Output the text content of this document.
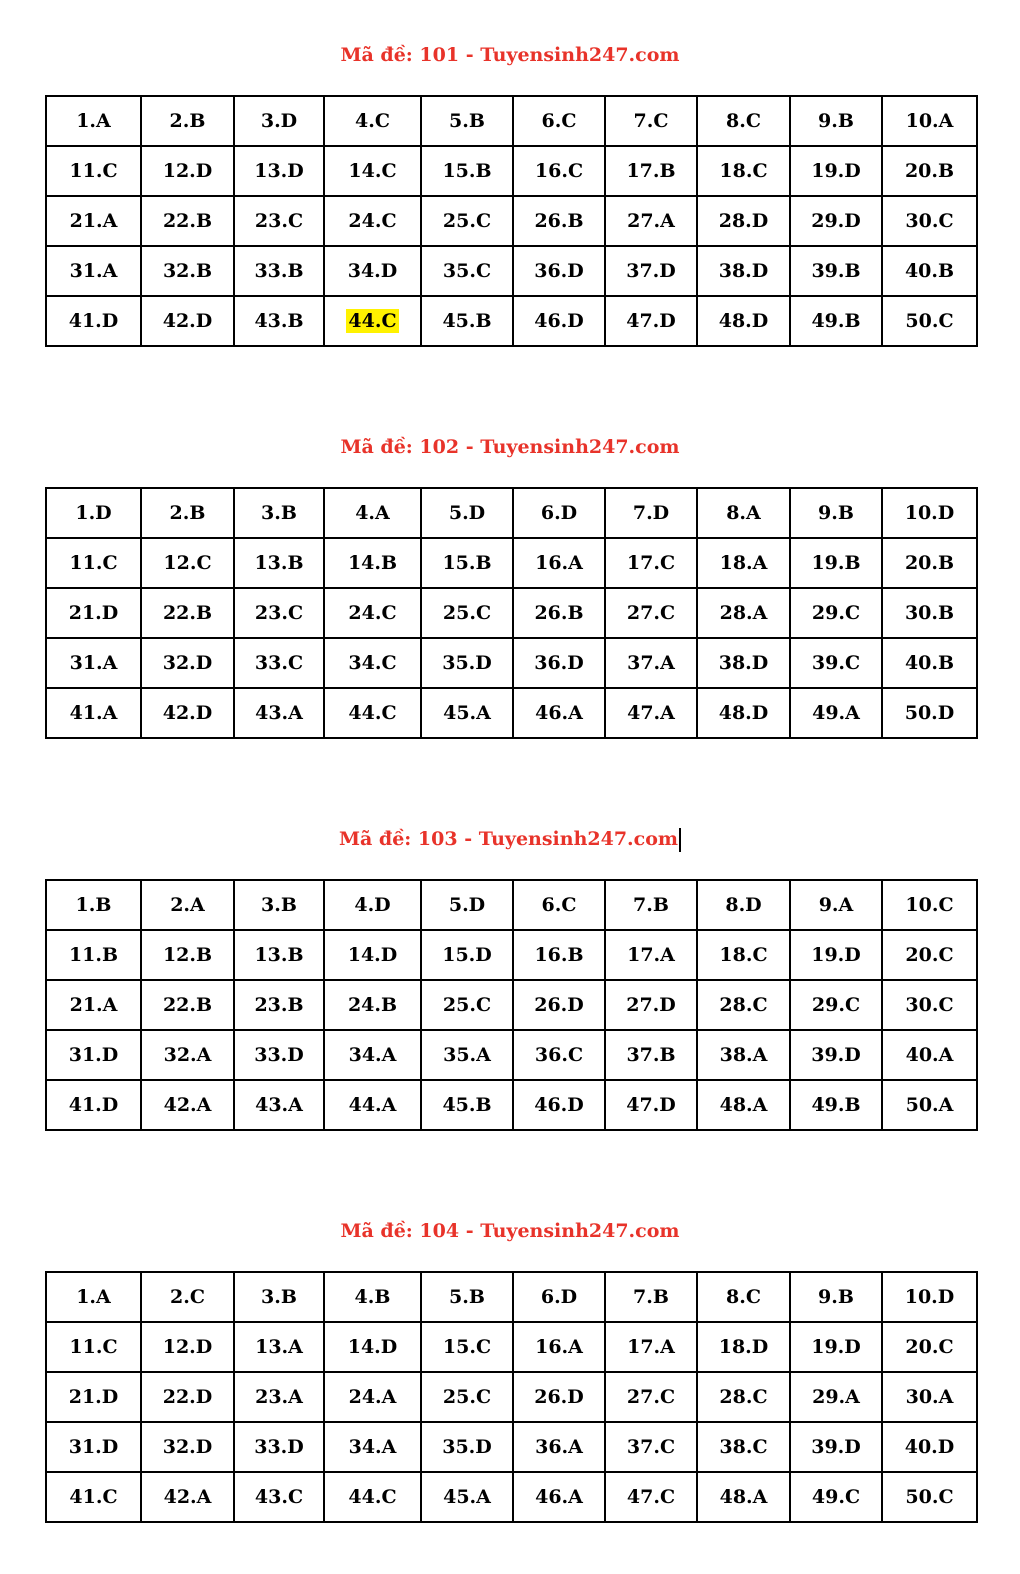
Mã đề: 101 - Tuyensinh247.com
1.A	2.B	3.D	4.C	5.B	6.C	7.C	8.C	9.B	10.A
11.C	12.D	13.D	14.C	15.B	16.C	17.B	18.C	19.D	20.B
21.A	22.B	23.C	24.C	25.C	26.B	27.A	28.D	29.D	30.C
31.A	32.B	33.B	34.D	35.C	36.D	37.D	38.D	39.B	40.B
41.D	42.D	43.B	44.C	45.B	46.D	47.D	48.D	49.B	50.C
Mã đề: 102 - Tuyensinh247.com
1.D	2.B	3.B	4.A	5.D	6.D	7.D	8.A	9.B	10.D
11.C	12.C	13.B	14.B	15.B	16.A	17.C	18.A	19.B	20.B
21.D	22.B	23.C	24.C	25.C	26.B	27.C	28.A	29.C	30.B
31.A	32.D	33.C	34.C	35.D	36.D	37.A	38.D	39.C	40.B
41.A	42.D	43.A	44.C	45.A	46.A	47.A	48.D	49.A	50.D
Mã đề: 103 - Tuyensinh247.com
1.B	2.A	3.B	4.D	5.D	6.C	7.B	8.D	9.A	10.C
11.B	12.B	13.B	14.D	15.D	16.B	17.A	18.C	19.D	20.C
21.A	22.B	23.B	24.B	25.C	26.D	27.D	28.C	29.C	30.C
31.D	32.A	33.D	34.A	35.A	36.C	37.B	38.A	39.D	40.A
41.D	42.A	43.A	44.A	45.B	46.D	47.D	48.A	49.B	50.A
Mã đề: 104 - Tuyensinh247.com
1.A	2.C	3.B	4.B	5.B	6.D	7.B	8.C	9.B	10.D
11.C	12.D	13.A	14.D	15.C	16.A	17.A	18.D	19.D	20.C
21.D	22.D	23.A	24.A	25.C	26.D	27.C	28.C	29.A	30.A
31.D	32.D	33.D	34.A	35.D	36.A	37.C	38.C	39.D	40.D
41.C	42.A	43.C	44.C	45.A	46.A	47.C	48.A	49.C	50.C
